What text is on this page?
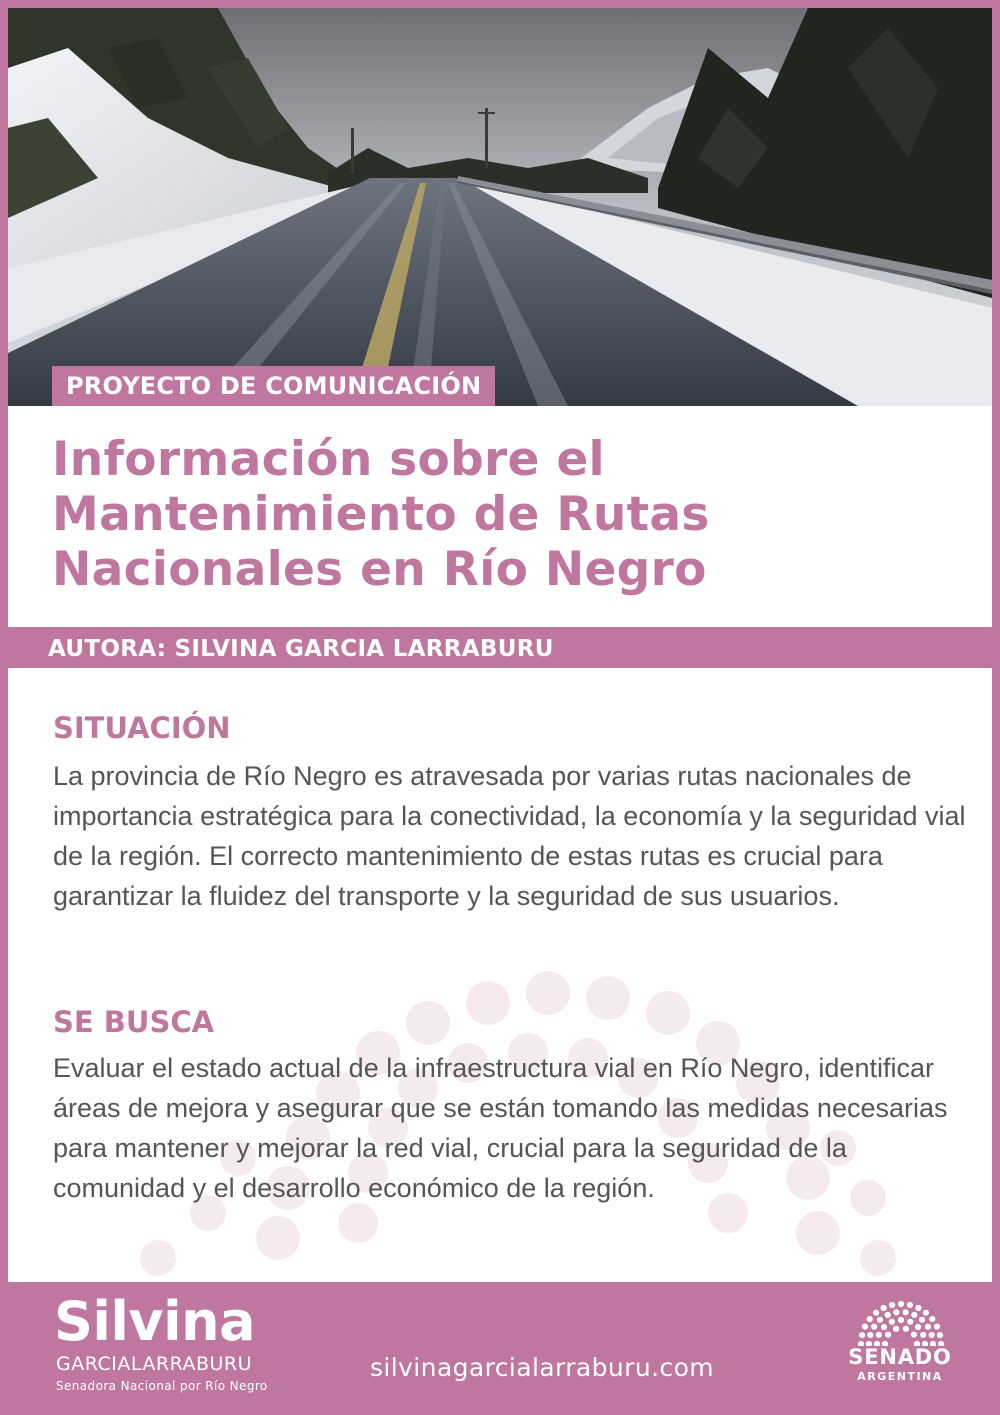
PROYECTO DE COMUNICACIÓN
Información sobre el
Mantenimiento de Rutas
Nacionales en Río Negro
AUTORA: SILVINA GARCIA LARRABURU
SITUACIÓN

La provincia de Río Negro es atravesada por varias rutas nacionales de importancia estratégica para la conectividad, la economía y la seguridad vial de la región. El correcto mantenimiento de estas rutas es crucial para garantizar la fluidez del transporte y la seguridad de sus usuarios.

SE BUSCA

Evaluar el estado actual de la infraestructura vial en Río Negro, identificar áreas de mejora y asegurar que se están tomando las medidas necesarias para mantener y mejorar la red vial, crucial para la seguridad de la comunidad y el desarrollo económico de la región.

Silvina
GARCIALARRABURU
Senadora Nacional por Río Negro
silvinagarcialarraburu.com	SENADO
ARGENTINA
